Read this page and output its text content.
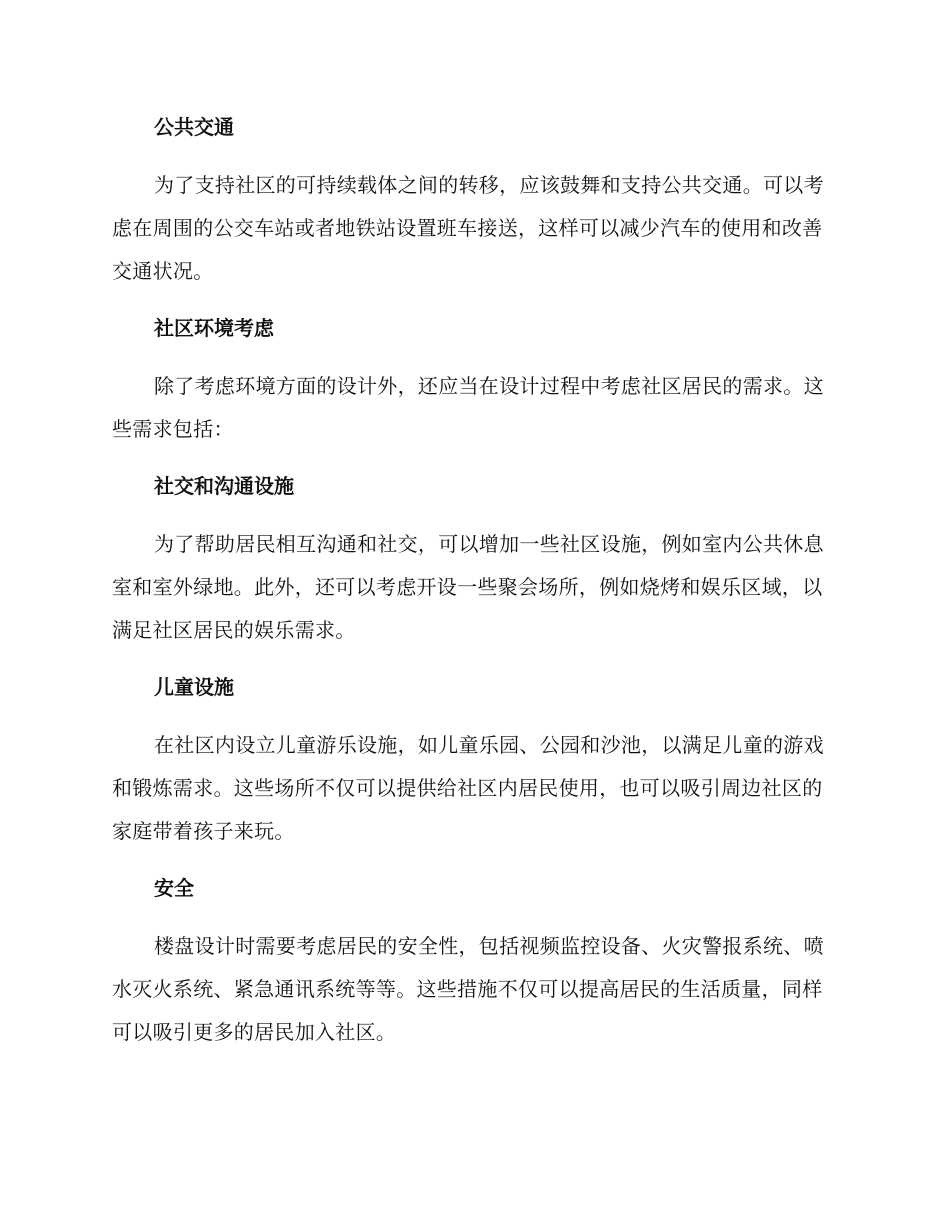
公共交通

为了支持社区的可持续载体之间的转移，应该鼓舞和支持公共交通。可以考虑在周围的公交车站或者地铁站设置班车接送，这样可以减少汽车的使用和改善交通状况。

社区环境考虑

除了考虑环境方面的设计外，还应当在设计过程中考虑社区居民的需求。这些需求包括：

社交和沟通设施

为了帮助居民相互沟通和社交，可以增加一些社区设施，例如室内公共休息室和室外绿地。此外，还可以考虑开设一些聚会场所，例如烧烤和娱乐区域，以满足社区居民的娱乐需求。

儿童设施

在社区内设立儿童游乐设施，如儿童乐园、公园和沙池，以满足儿童的游戏和锻炼需求。这些场所不仅可以提供给社区内居民使用，也可以吸引周边社区的家庭带着孩子来玩。

安全

楼盘设计时需要考虑居民的安全性，包括视频监控设备、火灾警报系统、喷水灭火系统、紧急通讯系统等等。这些措施不仅可以提高居民的生活质量，同样可以吸引更多的居民加入社区。
